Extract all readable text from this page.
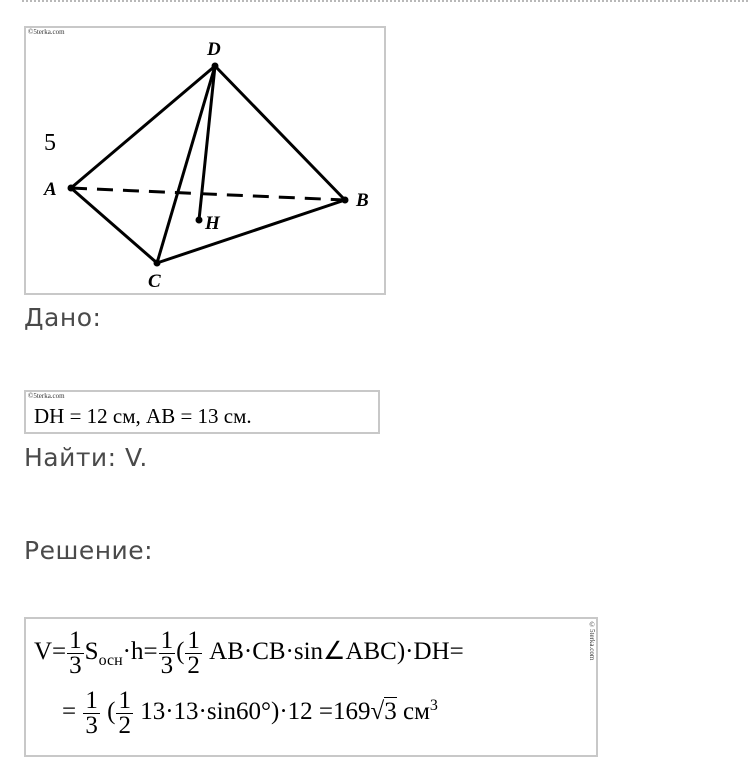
©5terka.com
D
A
B
C
H
5
Дано:
©5terka.com
DH = 12 см, AB = 13 см.
Найти: V.
Решение:
©5terka.com
$V= \frac{1}{3} S_{осн}\cdot h= \frac{1}{3}$ ( $\frac{1}{2}$ AB·CB·sin∠ABC)·DH=
= $\frac{1}{3}$ ( $\frac{1}{2} 13\cdot 13\cdot\sin 60^\circ)\cdot 12 =169√3$ $см^3$
